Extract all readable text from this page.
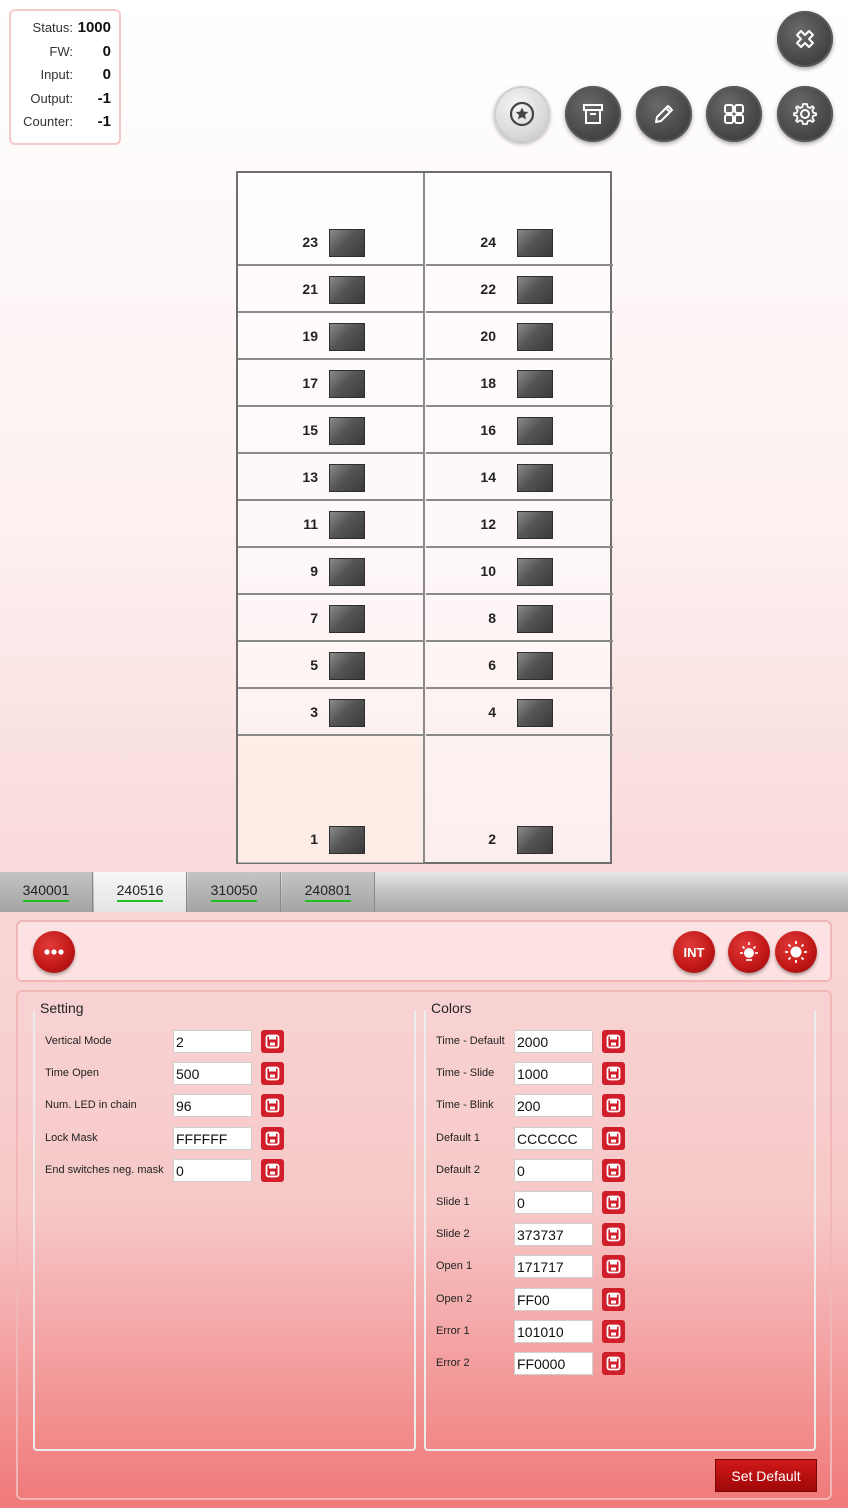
Status: 1000
FW:	0
Input:	0
Output:	-1
Counter:	-1
23	24
21	22
19	20
17	18
15	16
13	14
11	12
9	10
7	8
5	6
3	4
1	2
340001	240516	310050	240801
INT
Setting
Vertical Mode	2
Time Open	500
Num. LED in chain	96
Lock Mask	FFFFFF
End switches neg. mask 0
Colors
Time - Default 2000
Time - Slide 1000
Time - Blink 200
Default 1	CCCCCC
Default 2	0
Slide 1	0
Slide 2	373737
Open 1	171717
Open 2	FF00
Error 1	101010
Error 2	FF0000
Set Default
